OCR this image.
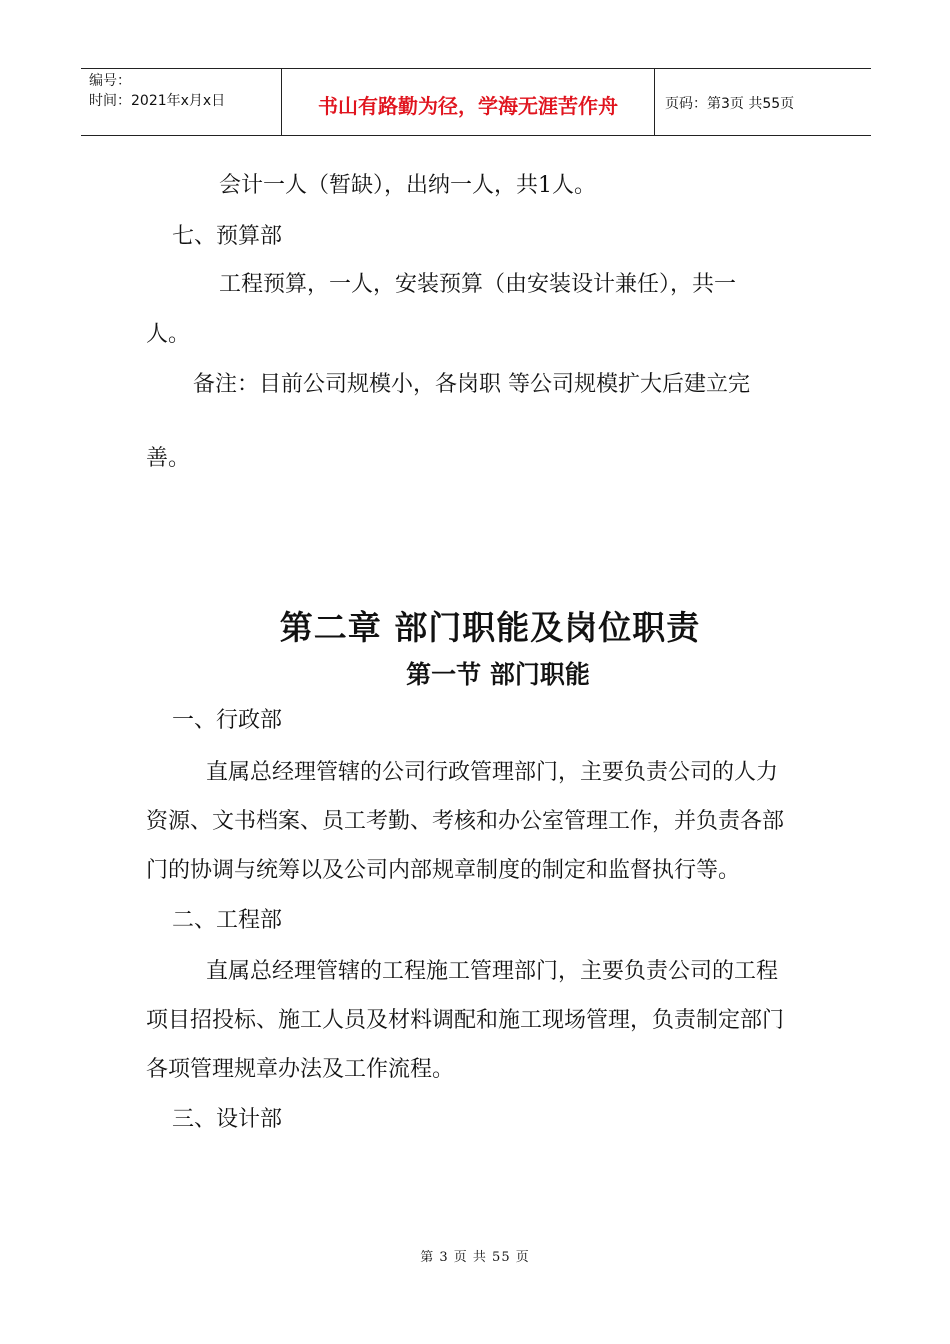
编号：
时间：2021年x月x日	书山有路勤为径，学海无涯苦作舟	页码：第3页 共55页
会计一人（暂缺），出纳一人，共1人。
七、预算部
工程预算，一人，安装预算（由安装设计兼任），共一
人。
备注：目前公司规模小，各岗职 等公司规模扩大后建立完
善。
第二章 部门职能及岗位职责
第一节 部门职能
一、行政部
直属总经理管辖的公司行政管理部门，主要负责公司的人力
资源、文书档案、员工考勤、考核和办公室管理工作，并负责各部
门的协调与统筹以及公司内部规章制度的制定和监督执行等。
二、工程部
直属总经理管辖的工程施工管理部门，主要负责公司的工程
项目招投标、施工人员及材料调配和施工现场管理，负责制定部门
各项管理规章办法及工作流程。
三、设计部
第 3 页 共 55 页
